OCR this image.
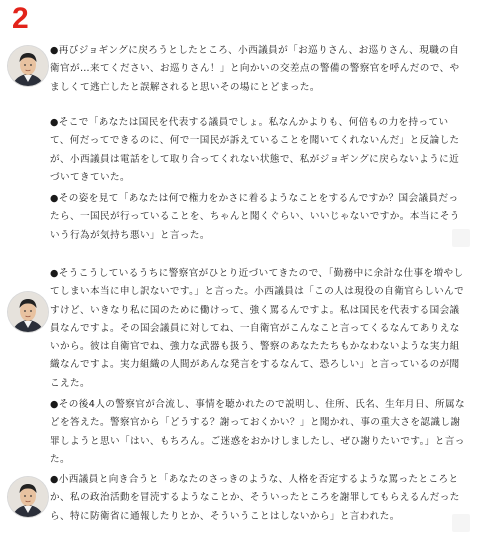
2

●再びジョギングに戻ろうとしたところ、小西議員が「お巡りさん、お巡りさん、現職の自衛官が…来てください、お巡りさん！」と向かいの交差点の警備の警察官を呼んだので、やましくて逃亡したと誤解されると思いその場にとどまった。

●そこで「あなたは国民を代表する議員でしょ。私なんかよりも、何倍もの力を持っていて、何だってできるのに、何で一国民が訴えていることを聞いてくれないんだ」と反論したが、小西議員は電話をして取り合ってくれない状態で、私がジョギングに戻らないように近づいてきていた。

●その姿を見て「あなたは何で権力をかさに着るようなことをするんですか？国会議員だったら、一国民が行っていることを、ちゃんと聞くぐらい、いいじゃないですか。本当にそういう行為が気持ち悪い」と言った。

●そうこうしているうちに警察官がひとり近づいてきたので、「勤務中に余計な仕事を増やしてしまい本当に申し訳ないです。」と言った。小西議員は「この人は現役の自衛官らしいんですけど、いきなり私に国のために働けって、強く罵るんですよ。私は国民を代表する国会議員なんですよ。その国会議員に対してね、一自衛官がこんなこと言ってくるなんてありえないから。彼は自衛官でね、強力な武器も扱う、警察のあなたたちもかなわないような実力組織なんですよ。実力組織の人間があんな発言をするなんて、恐ろしい」と言っているのが聞こえた。

●その後4人の警察官が合流し、事情を聴かれたので説明し、住所、氏名、生年月日、所属などを答えた。警察官から「どうする？謝っておくかい？」と聞かれ、事の重大さを認識し謝罪しようと思い「はい、もちろん。ご迷惑をおかけしましたし、ぜひ謝りたいです。」と言った。

●小西議員と向き合うと「あなたのさっきのような、人格を否定するような罵ったところとか、私の政治活動を冒涜するようなことか、そういったところを謝罪してもらえるんだったら、特に防衛省に通報したりとか、そういうことはしないから」と言われた。
